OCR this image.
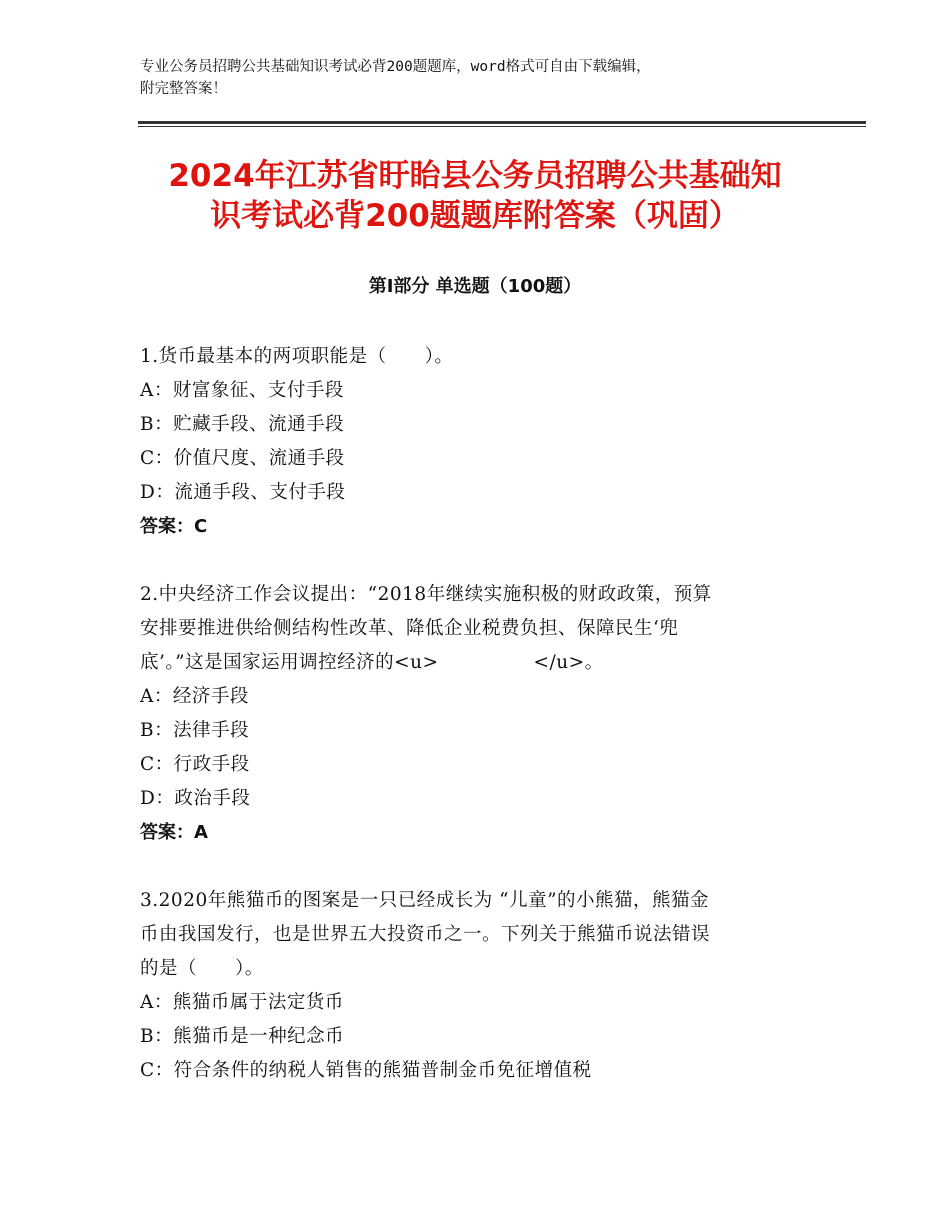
专业公务员招聘公共基础知识考试必背200题题库，word格式可自由下载编辑，
附完整答案！
2024年江苏省盱眙县公务员招聘公共基础知
识考试必背200题题库附答案（巩固）
第Ⅰ部分 单选题（100题）
1.货币最基本的两项职能是（　　）。
A：财富象征、支付手段
B：贮藏手段、流通手段
C：价值尺度、流通手段
D：流通手段、支付手段
答案：C
2.中央经济工作会议提出：“2018年继续实施积极的财政政策，预算
安排要推进供给侧结构性改革、降低企业税费负担、保障民生‘兜
底’。”这是国家运用调控经济的<u>　　　　　</u>。
A：经济手段
B：法律手段
C：行政手段
D：政治手段
答案：A
3.2020年熊猫币的图案是一只已经成长为 “儿童”的小熊猫，熊猫金
币由我国发行，也是世界五大投资币之一。下列关于熊猫币说法错误
的是（　　）。
A：熊猫币属于法定货币
B：熊猫币是一种纪念币
C：符合条件的纳税人销售的熊猫普制金币免征增值税
